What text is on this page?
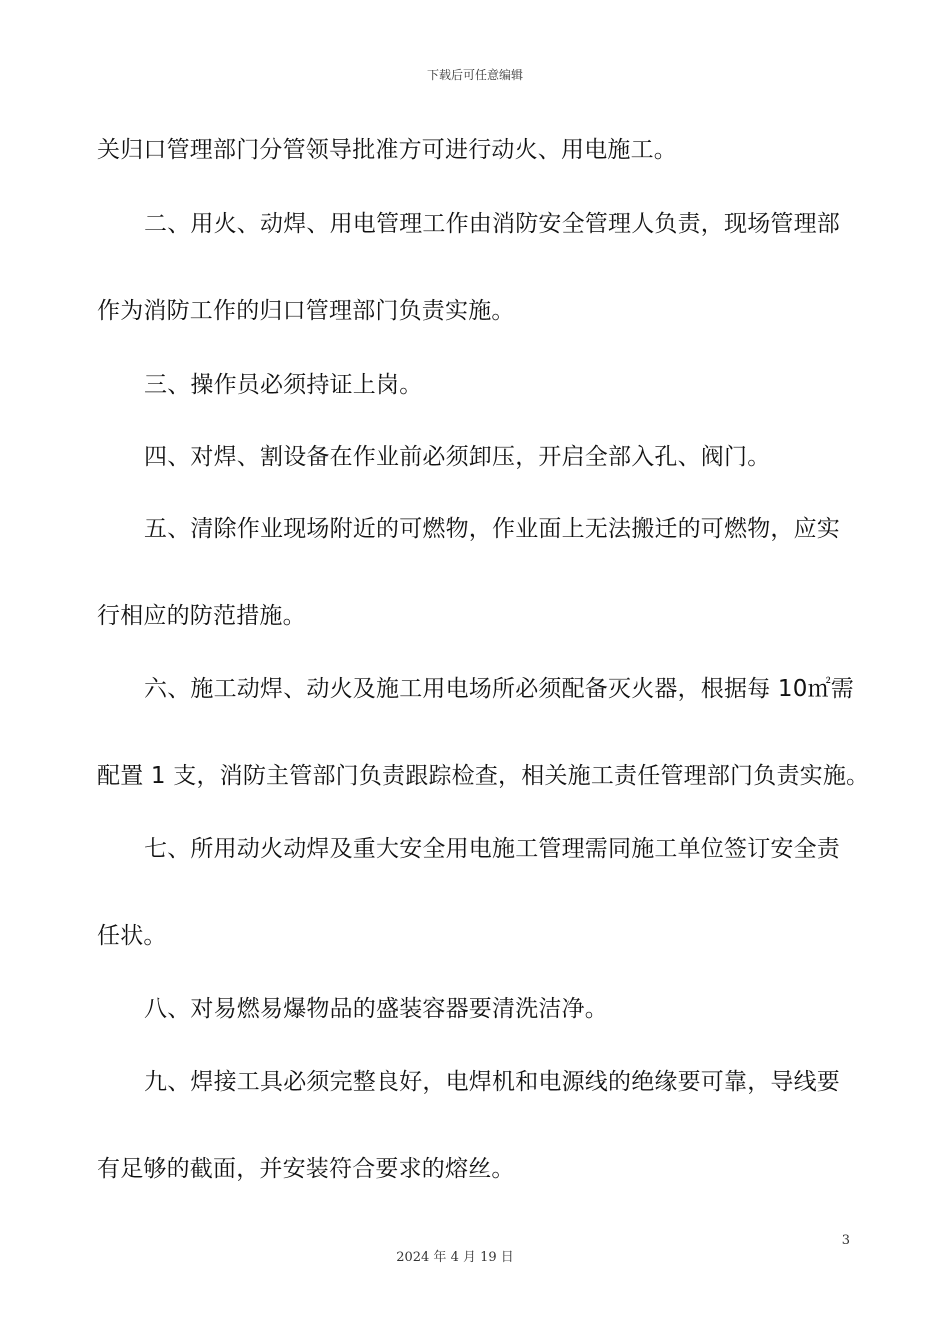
下载后可任意编辑
关归口管理部门分管领导批准方可进行动火、用电施工。
二、用火、动焊、用电管理工作由消防安全管理人负责，现场管理部
作为消防工作的归口管理部门负责实施。
三、操作员必须持证上岗。
四、对焊、割设备在作业前必须卸压，开启全部入孔、阀门。
五、清除作业现场附近的可燃物，作业面上无法搬迁的可燃物，应实
行相应的防范措施。
六、施工动焊、动火及施工用电场所必须配备灭火器，根据每 10㎡需
配置 1 支，消防主管部门负责跟踪检查，相关施工责任管理部门负责实施。
七、所用动火动焊及重大安全用电施工管理需同施工单位签订安全责
任状。
八、对易燃易爆物品的盛装容器要清洗洁净。
九、焊接工具必须完整良好，电焊机和电源线的绝缘要可靠，导线要
有足够的截面，并安装符合要求的熔丝。
3
2024 年 4 月 19 日
